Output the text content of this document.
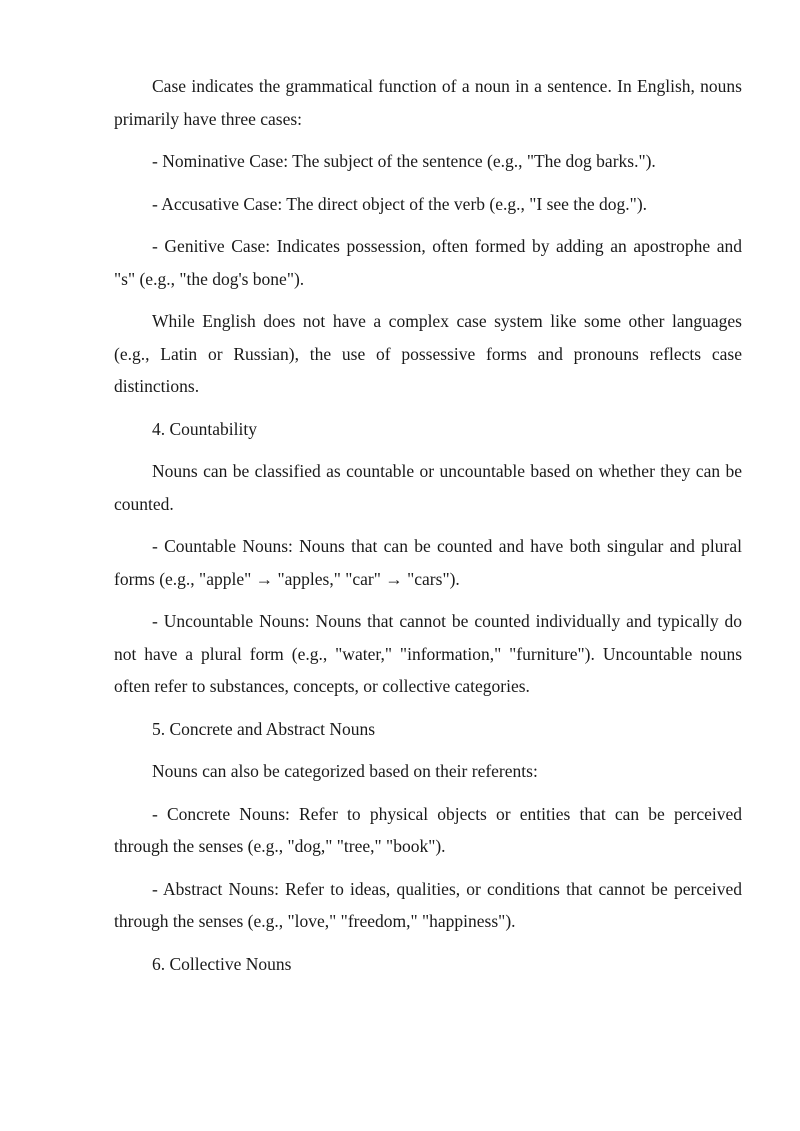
Case indicates the grammatical function of a noun in a sentence. In English, nouns primarily have three cases:

- Nominative Case: The subject of the sentence (e.g., "The dog barks.").

- Accusative Case: The direct object of the verb (e.g., "I see the dog.").

- Genitive Case: Indicates possession, often formed by adding an apostrophe and "s" (e.g., "the dog's bone").

While English does not have a complex case system like some other languages (e.g., Latin or Russian), the use of possessive forms and pronouns reflects case distinctions.

4. Countability

Nouns can be classified as countable or uncountable based on whether they can be counted.

- Countable Nouns: Nouns that can be counted and have both singular and plural forms (e.g., "apple" → "apples," "car" → "cars").

- Uncountable Nouns: Nouns that cannot be counted individually and typically do not have a plural form (e.g., "water," "information," "furniture"). Uncountable nouns often refer to substances, concepts, or collective categories.

5. Concrete and Abstract Nouns

Nouns can also be categorized based on their referents:

- Concrete Nouns: Refer to physical objects or entities that can be perceived through the senses (e.g., "dog," "tree," "book").

- Abstract Nouns: Refer to ideas, qualities, or conditions that cannot be perceived through the senses (e.g., "love," "freedom," "happiness").

6. Collective Nouns
